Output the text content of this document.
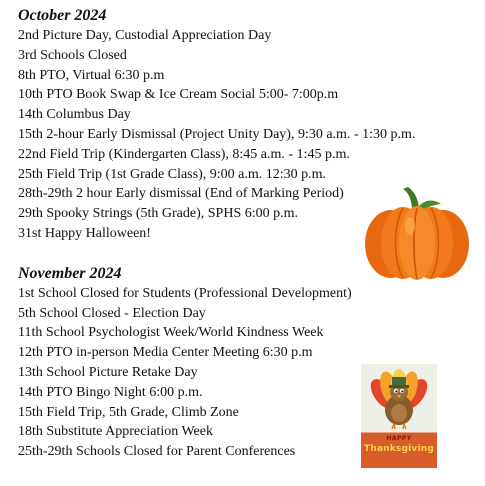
October 2024
2nd Picture Day, Custodial Appreciation Day
3rd Schools Closed
8th PTO, Virtual 6:30 p.m
10th PTO Book Swap & Ice Cream Social 5:00- 7:00p.m
14th Columbus Day
15th 2-hour Early Dismissal (Project Unity Day), 9:30 a.m. - 1:30 p.m.
22nd Field Trip (Kindergarten Class), 8:45 a.m. - 1:45 p.m.
25th Field Trip (1st Grade Class), 9:00 a.m. 12:30 p.m.
28th-29th 2 hour Early dismissal (End of Marking Period)
29th Spooky Strings (5th Grade), SPHS 6:00 p.m.
31st Happy Halloween!
November 2024
1st School Closed for Students (Professional Development)
5th School Closed - Election Day
11th School Psychologist Week/World Kindness Week
12th PTO in-person Media Center Meeting 6:30 p.m
13th School Picture Retake Day
14th PTO Bingo Night 6:00 p.m.
15th Field Trip, 5th Grade, Climb Zone
18th Substitute Appreciation Week
25th-29th Schools Closed for Parent Conferences
HAPPY
Thanksgiving
